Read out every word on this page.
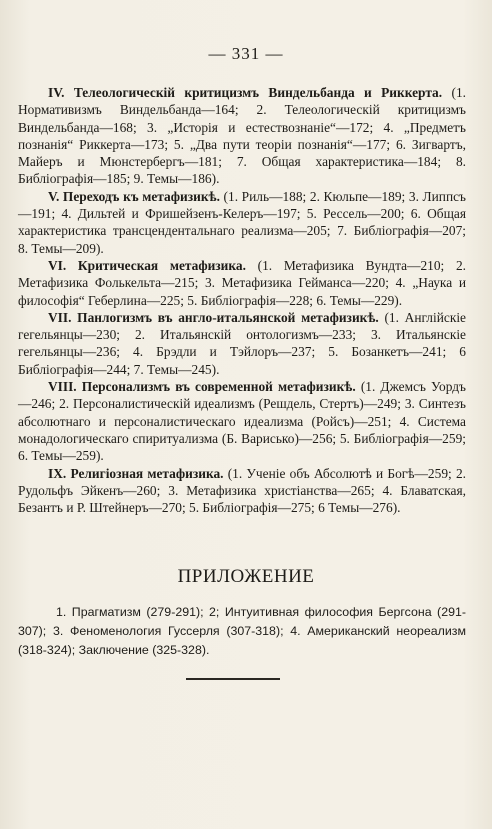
— 331 —

IV. Телеологическій критицизмъ Виндельбанда и Риккерта. (1. Нормативизмъ Виндельбанда—164; 2. Телеологическій критицизмъ Виндельбанда—168; 3. „Исторія и естествознаніе“—172; 4. „Предметъ познанія“ Риккерта—173; 5. „Два пути теоріи познанія“—177; 6. Зигвартъ, Майеръ и Мюнстербергъ—181; 7. Общая характеристика—184; 8. Библіографія—185; 9. Темы—186).

V. Переходъ къ метафизикѣ. (1. Риль—188; 2. Кюльпе—189; 3. Липпсъ—191; 4. Дильтей и Фришейзенъ-Келеръ—197; 5. Ресcель—200; 6. Общая характеристика трансцендентальнаго реализма—205; 7. Библіографія—207; 8. Темы—209).

VI. Критическая метафизика. (1. Метафизика Вундта—210; 2. Метафизика Фолькельта—215; 3. Метафизика Геймансa—220; 4. „Наука и философія“ Геберлина—225; 5. Библіографія—228; 6. Темы—229).

VII. Панлогизмъ въ англо-итальянской метафизикѣ. (1. Англійскіе гегельянцы—230; 2. Итальянскій онтологизмъ—233; 3. Итальянскіе гегельянцы—236; 4. Брэдли и Тэйлоръ—237; 5. Бозанкетъ—241; 6 Библіографія—244; 7. Темы—245).

VIII. Персонализмъ въ современной метафизикѣ. (1. Джемсъ Уордъ—246; 2. Персоналистическій идеализмъ (Решдель, Стертъ)—249; 3. Синтезъ абсолютнаго и персоналистическаго идеализма (Ройсъ)—251; 4. Система монадологическаго спиритуализма (Б. Варисько)—256; 5. Библіографія—259; 6. Темы—259).

IX. Религіозная метафизика. (1. Ученіе объ Абсолютѣ и Богѣ—259; 2. Рудольфъ Эйкенъ—260; 3. Метафизика христіанства—265; 4. Блаватская, Безантъ и Р. Штейнеръ—270; 5. Библіографія—275; 6 Темы—276).

ПРИЛОЖЕНИЕ
1. Прагматизм (279-291); 2; Интуитивная философия Бергсона (291-307); 3. Феноменология Гуссерля (307-318); 4. Американский неореализм (318-324); Заключение (325-328).
